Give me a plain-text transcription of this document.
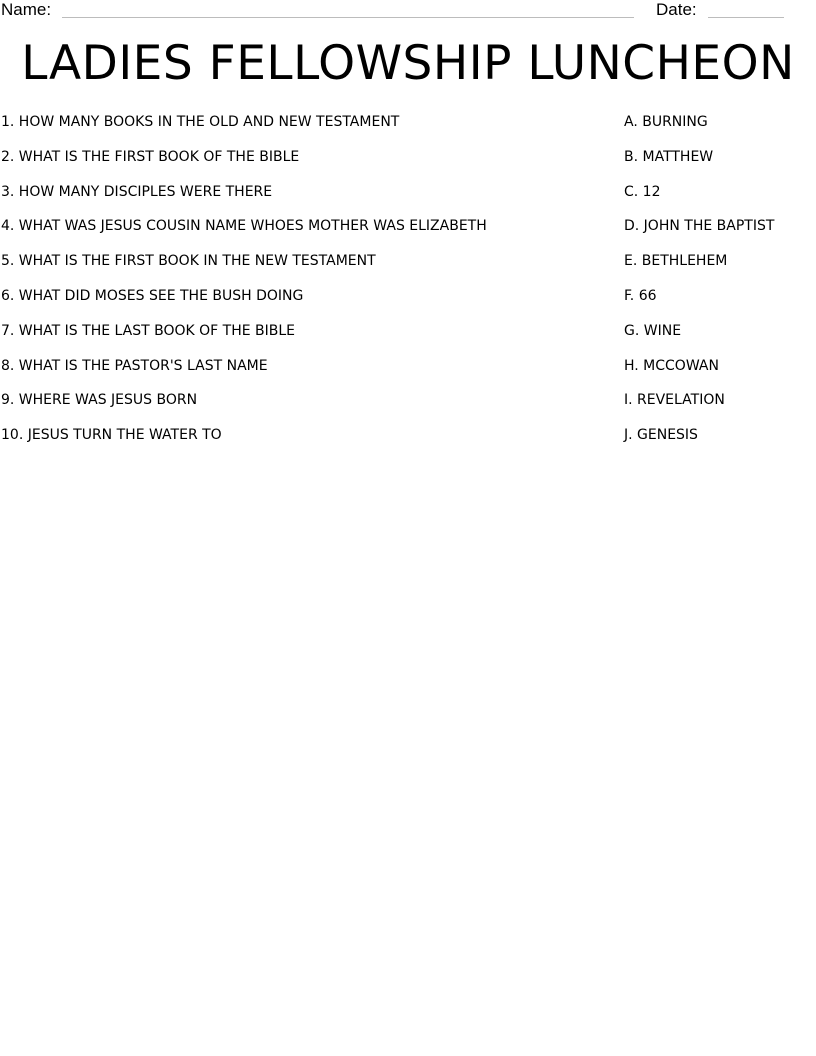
Name:	Date:
LADIES FELLOWSHIP LUNCHEON
1. HOW MANY BOOKS IN THE OLD AND NEW TESTAMENT	A. BURNING
2. WHAT IS THE FIRST BOOK OF THE BIBLE	B. MATTHEW
3. HOW MANY DISCIPLES WERE THERE	C. 12
4. WHAT WAS JESUS COUSIN NAME WHOES MOTHER WAS ELIZABETH	D. JOHN THE BAPTIST
5. WHAT IS THE FIRST BOOK IN THE NEW TESTAMENT	E. BETHLEHEM
6. WHAT DID MOSES SEE THE BUSH DOING	F. 66
7. WHAT IS THE LAST BOOK OF THE BIBLE	G. WINE
8. WHAT IS THE PASTOR'S LAST NAME	H. MCCOWAN
9. WHERE WAS JESUS BORN	I. REVELATION
10. JESUS TURN THE WATER TO	J. GENESIS
